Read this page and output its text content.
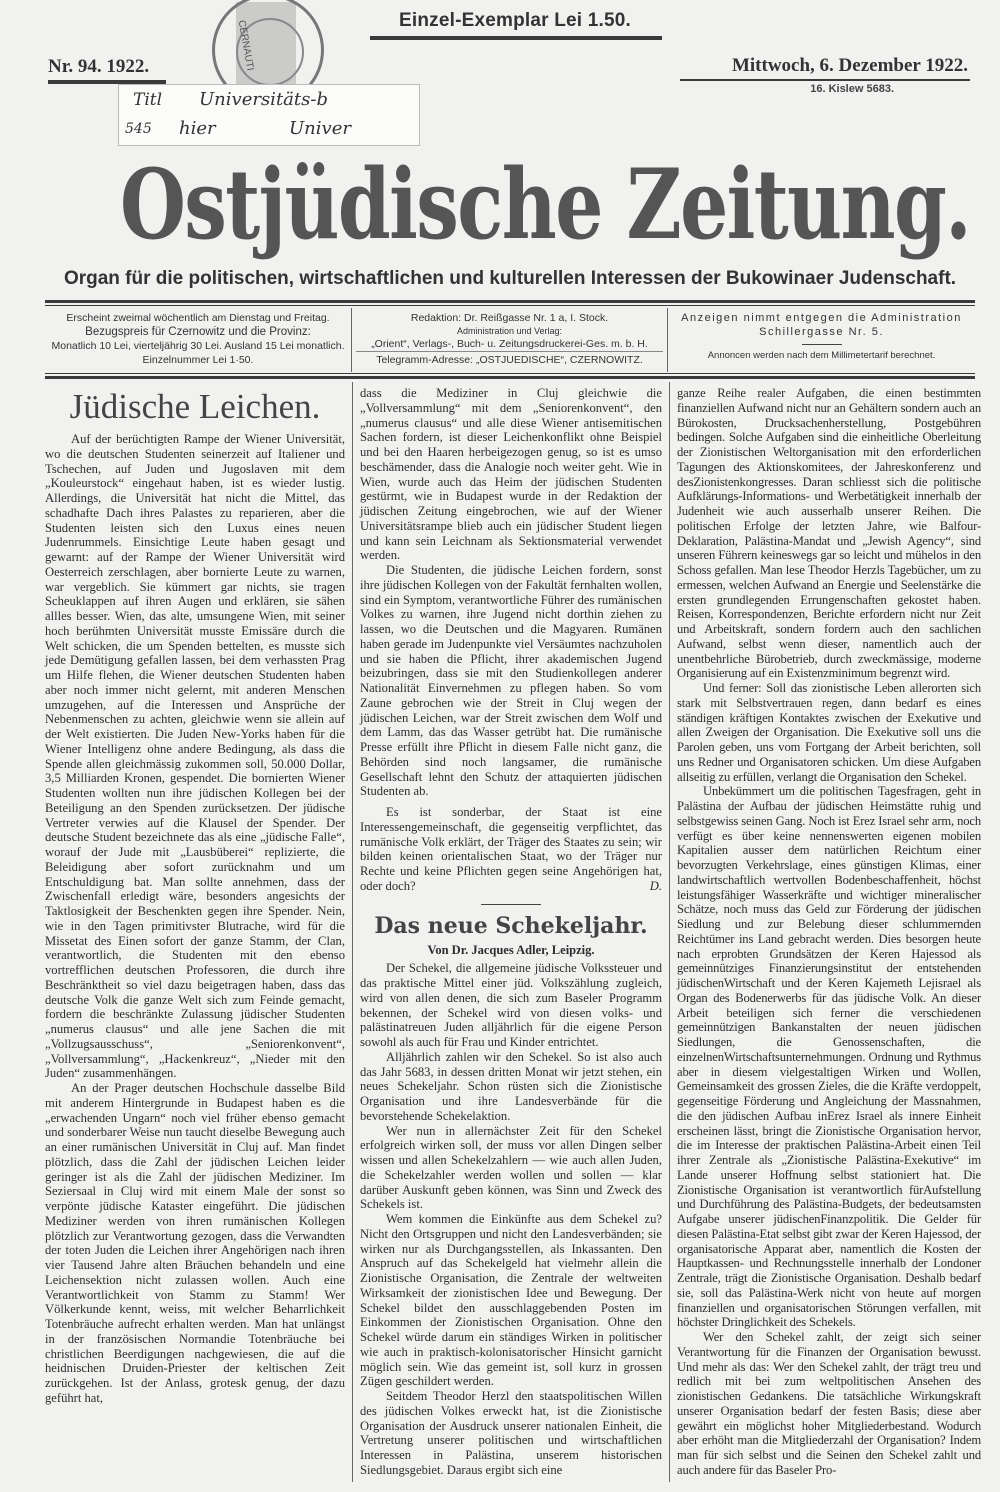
Einzel-Exemplar Lei 1.50.
CERNAUTI
Nr. 94. 1922.	Mittwoch, 6. Dezember 1922.
16. Kislew 5683.
Titl Universitäts-b
545 hier	Univer
Ostjüdische Zeitung.
Organ für die politischen, wirtschaftlichen und kulturellen Interessen der Bukowinaer Judenschaft.
Erscheint zweimal wöchentlich am Dienstag und Freitag.
Bezugspreis für Czernowitz und die Provinz:
Monatlich 10 Lei, vierteljährig 30 Lei. Ausland 15 Lei monatlich.
Einzelnummer Lei 1·50.
Redaktion: Dr. Reißgasse Nr. 1 a, I. Stock.
Administration und Verlag:
„Orient“, Verlags-, Buch- u. Zeitungsdruckerei-Ges. m. b. H.
Telegramm-Adresse: „OSTJUEDISCHE“, CZERNOWITZ.
Anzeigen nimmt entgegen die Administration
Schillergasse Nr. 5.
Annoncen werden nach dem Millimetertarif berechnet.
Jüdische Leichen.

Auf der berüchtigten Rampe der Wiener Universität, wo die deutschen Studenten seinerzeit auf Italiener und Tschechen, auf Juden und Jugoslaven mit dem „Kouleurstock“ eingehaut haben, ist es wieder lustig. Allerdings, die Universität hat nicht die Mittel, das schadhafte Dach ihres Palastes zu reparieren, aber die Studenten leisten sich den Luxus eines neuen Judenrummels. Einsichtige Leute haben gesagt und gewarnt: auf der Rampe der Wiener Universität wird Oesterreich zerschlagen, aber bornierte Leute zu warnen, war vergeblich. Sie kümmert gar nichts, sie tragen Scheuklappen auf ihren Augen und erklären, sie sähen allles besser. Wien, das alte, umsungene Wien, mit seiner hoch berühmten Universität musste Emissäre durch die Welt schicken, die um Spenden bettelten, es musste sich jede Demütigung gefallen lassen, bei dem verhassten Prag um Hilfe flehen, die Wiener deutschen Studenten haben aber noch immer nicht gelernt, mit anderen Menschen umzugehen, auf die Interessen und Ansprüche der Nebenmenschen zu achten, gleichwie wenn sie allein auf der Welt existierten. Die Juden New-Yorks haben für die Wiener Intelligenz ohne andere Bedingung, als dass die Spende allen gleichmässig zukommen soll, 50.000 Dollar, 3,5 Milliarden Kronen, gespendet. Die bornierten Wiener Studenten wollten nun ihre jüdischen Kollegen bei der Beteiligung an den Spenden zurücksetzen. Der jüdische Vertreter verwies auf die Klausel der Spender. Der deutsche Student bezeichnete das als eine „jüdische Falle“, worauf der Jude mit „Lausbüberei“ replizierte, die Beleidigung aber sofort zurücknahm und um Entschuldigung bat. Man sollte annehmen, dass der Zwischenfall erledigt wäre, besonders angesichts der Taktlosigkeit der Beschenkten gegen ihre Spender. Nein, wie in den Tagen primitivster Blutrache, wird für die Missetat des Einen sofort der ganze Stamm, der Clan, verantwortlich, die Studenten mit den ebenso vortrefflichen deutschen Professoren, die durch ihre Beschränktheit so viel dazu beigetragen haben, dass das deutsche Volk die ganze Welt sich zum Feinde gemacht, fordern die beschränkte Zulassung jüdischer Studenten „numerus clausus“ und alle jene Sachen die mit „Vollzugsausschuss“, „Seniorenkonvent“, „Vollversammlung“, „Hackenkreuz“, „Nieder mit den Juden“ zusammenhängen.

An der Prager deutschen Hochschule dasselbe Bild mit anderem Hintergrunde in Budapest haben es die „erwachenden Ungarn“ noch viel früher ebenso gemacht und sonderbarer Weise nun taucht dieselbe Bewegung auch an einer rumänischen Universität in Cluj auf. Man findet plötzlich, dass die Zahl der jüdischen Leichen leider geringer ist als die Zahl der jüdischen Mediziner. Im Seziersaal in Cluj wird mit einem Male der sonst so verpönte jüdische Kataster eingeführt. Die jüdischen Mediziner werden von ihren rumänischen Kollegen plötzlich zur Verantwortung gezogen, dass die Verwandten der toten Juden die Leichen ihrer Angehörigen nach ihren vier Tausend Jahre alten Bräuchen behandeln und eine Leichensektion nicht zulassen wollen. Auch eine Verantwortlichkeit von Stamm zu Stamm! Wer Völkerkunde kennt, weiss, mit welcher Beharrlichkeit Totenbräuche aufrecht erhalten werden. Man hat unlängst in der französischen Normandie Totenbräuche bei christlichen Beerdigungen nachgewiesen, die auf die heidnischen Druiden-Priester der keltischen Zeit zurückgehen. Ist der Anlass, grotesk genug, der dazu geführt hat,

dass die Mediziner in Cluj gleichwie die „Vollversammlung“ mit dem „Seniorenkonvent“, den „numerus clausus“ und alle diese Wiener antisemitischen Sachen fordern, ist dieser Leichenkonflikt ohne Beispiel und bei den Haaren herbeigezogen genug, so ist es umso beschämender, dass die Analogie noch weiter geht. Wie in Wien, wurde auch das Heim der jüdischen Studenten gestürmt, wie in Budapest wurde in der Redaktion der jüdischen Zeitung eingebrochen, wie auf der Wiener Universitätsrampe blieb auch ein jüdischer Student liegen und kann sein Leichnam als Sektionsmaterial verwendet werden.

Die Studenten, die jüdische Leichen fordern, sonst ihre jüdischen Kollegen von der Fakultät fernhalten wollen, sind ein Symptom, verantwortliche Führer des rumänischen Volkes zu warnen, ihre Jugend nicht dorthin ziehen zu lassen, wo die Deutschen und die Magyaren. Rumänen haben gerade im Judenpunkte viel Versäumtes nachzuholen und sie haben die Pflicht, ihrer akademischen Jugend beizubringen, dass sie mit den Studienkollegen anderer Nationalität Einvernehmen zu pflegen haben. So vom Zaune gebrochen wie der Streit in Cluj wegen der jüdischen Leichen, war der Streit zwischen dem Wolf und dem Lamm, das das Wasser getrübt hat. Die rumänische Presse erfüllt ihre Pflicht in diesem Falle nicht ganz, die Behörden sind noch langsamer, die rumänische Gesellschaft lehnt den Schutz der attaquierten jüdischen Studenten ab.

Es ist sonderbar, der Staat ist eine Interessengemeinschaft, die gegenseitig verpflichtet, das rumänische Volk erklärt, der Träger des Staates zu sein; wir bilden keinen orientalischen Staat, wo der Träger nur Rechte und keine Pflichten gegen seine Angehörigen hat, oder doch?	D.

Das neue Schekeljahr.
Von Dr. Jacques Adler, Leipzig.

Der Schekel, die allgemeine jüdische Volkssteuer und das praktische Mittel einer jüd. Volkszählung zugleich, wird von allen denen, die sich zum Baseler Programm bekennen, der Schekel wird von diesen volks- und palästinatreuen Juden alljährlich für die eigene Person sowohl als auch für Frau und Kinder entrichtet.

Alljährlich zahlen wir den Schekel. So ist also auch das Jahr 5683, in dessen dritten Monat wir jetzt stehen, ein neues Schekeljahr. Schon rüsten sich die Zionistische Organisation und ihre Landesverbände für die bevorstehende Schekelaktion.

Wer nun in allernächster Zeit für den Schekel erfolgreich wirken soll, der muss vor allen Dingen selber wissen und allen Schekelzahlern — wie auch allen Juden, die Schekelzahler werden wollen und sollen — klar darüber Auskunft geben können, was Sinn und Zweck des Schekels ist.

Wem kommen die Einkünfte aus dem Schekel zu? Nicht den Ortsgruppen und nicht den Landesverbänden; sie wirken nur als Durchgangsstellen, als Inkassanten. Den Anspruch auf das Schekelgeld hat vielmehr allein die Zionistische Organisation, die Zentrale der weltweiten Wirksamkeit der zionistischen Idee und Bewegung. Der Schekel bildet den ausschlaggebenden Posten im Einkommen der Zionistischen Organisation. Ohne den Schekel würde darum ein ständiges Wirken in politischer wie auch in praktisch-kolonisatorischer Hinsicht garnicht möglich sein. Wie das gemeint ist, soll kurz in grossen Zügen geschildert werden.

Seitdem Theodor Herzl den staatspolitischen Willen des jüdischen Volkes erweckt hat, ist die Zionistische Organisation der Ausdruck unserer nationalen Einheit, die Vertretung unserer politischen und wirtschaftlichen Interessen in Palästina, unserem historischen Siedlungsgebiet. Daraus ergibt sich eine

ganze Reihe realer Aufgaben, die einen bestimmten finanziellen Aufwand nicht nur an Gehältern sondern auch an Bürokosten, Drucksachenherstellung, Postgebühren bedingen. Solche Aufgaben sind die einheitliche Oberleitung der Zionistischen Weltorganisation mit den erforderlichen Tagungen des Aktionskomitees, der Jahreskonferenz und desZionistenkongresses. Daran schliesst sich die politische Aufklärungs-Informations- und Werbetätigkeit innerhalb der Judenheit wie auch ausserhalb unserer Reihen. Die politischen Erfolge der letzten Jahre, wie Balfour-Deklaration, Palästina-Mandat und „Jewish Agency“, sind unseren Führern keineswegs gar so leicht und mühelos in den Schoss gefallen. Man lese Theodor Herzls Tagebücher, um zu ermessen, welchen Aufwand an Energie und Seelenstärke die ersten grundlegenden Errungenschaften gekostet haben. Reisen, Korrespondenzen, Berichte erfordern nicht nur Zeit und Arbeitskraft, sondern fordern auch den sachlichen Aufwand, selbst wenn dieser, namentlich auch der unentbehrliche Bürobetrieb, durch zweckmässige, moderne Organisierung auf ein Existenzminimum begrenzt wird.

Und ferner: Soll das zionistische Leben allerorten sich stark mit Selbstvertrauen regen, dann bedarf es eines ständigen kräftigen Kontaktes zwischen der Exekutive und allen Zweigen der Organisation. Die Exekutive soll uns die Parolen geben, uns vom Fortgang der Arbeit berichten, soll uns Redner und Organisatoren schicken. Um diese Aufgaben allseitig zu erfüllen, verlangt die Organisation den Schekel.

Unbekümmert um die politischen Tagesfragen, geht in Palästina der Aufbau der jüdischen Heimstätte ruhig und selbstgewiss seinen Gang. Noch ist Erez Israel sehr arm, noch verfügt es über keine nennenswerten eigenen mobilen Kapitalien ausser dem natürlichen Reichtum einer bevorzugten Verkehrslage, eines günstigen Klimas, einer landwirtschaftlich wertvollen Bodenbeschaffenheit, höchst leistungsfähiger Wasserkräfte und wichtiger mineralischer Schätze, noch muss das Geld zur Förderung der jüdischen Siedlung und zur Belebung dieser schlummernden Reichtümer ins Land gebracht werden. Dies besorgen heute nach erprobten Grundsätzen der Keren Hajessod als gemeinnütziges Finanzierungsinstitut der entstehenden jüdischenWirtschaft und der Keren Kajemeth Lejisrael als Organ des Bodenerwerbs für das jüdische Volk. An dieser Arbeit beteiligen sich ferner die verschiedenen gemeinnützigen Bankanstalten der neuen jüdischen Siedlungen, die Genossenschaften, die einzelnenWirtschaftsunternehmungen. Ordnung und Rythmus aber in diesem vielgestaltigen Wirken und Wollen, Gemeinsamkeit des grossen Zieles, die die Kräfte verdoppelt, gegenseitige Förderung und Angleichung der Massnahmen, die den jüdischen Aufbau inErez Israel als innere Einheit erscheinen lässt, bringt die Zionistische Organisation hervor, die im Interesse der praktischen Palästina-Arbeit einen Teil ihrer Zentrale als „Zionistische Palästina-Exekutive“ im Lande unserer Hoffnung selbst stationiert hat. Die Zionistische Organisation ist verantwortlich fürAufstellung und Durchführung des Palästina-Budgets, der bedeutsamsten Aufgabe unserer jüdischenFinanzpolitik. Die Gelder für diesen Palästina-Etat selbst gibt zwar der Keren Hajessod, der organisatorische Apparat aber, namentlich die Kosten der Hauptkassen- und Rechnungsstelle innerhalb der Londoner Zentrale, trägt die Zionistische Organisation. Deshalb bedarf sie, soll das Palästina-Werk nicht von heute auf morgen finanziellen und organisatorischen Störungen verfallen, mit höchster Dringlichkeit des Schekels.

Wer den Schekel zahlt, der zeigt sich seiner Verantwortung für die Finanzen der Organisation bewusst. Und mehr als das: Wer den Schekel zahlt, der trägt treu und redlich mit bei zum weltpolitischen Ansehen des zionistischen Gedankens. Die tatsächliche Wirkungskraft unserer Organisation bedarf der festen Basis; diese aber gewährt ein möglichst hoher Mitgliederbestand. Wodurch aber erhöht man die Mitgliederzahl der Organisation? Indem man für sich selbst und die Seinen den Schekel zahlt und auch andere für das Baseler Pro-
